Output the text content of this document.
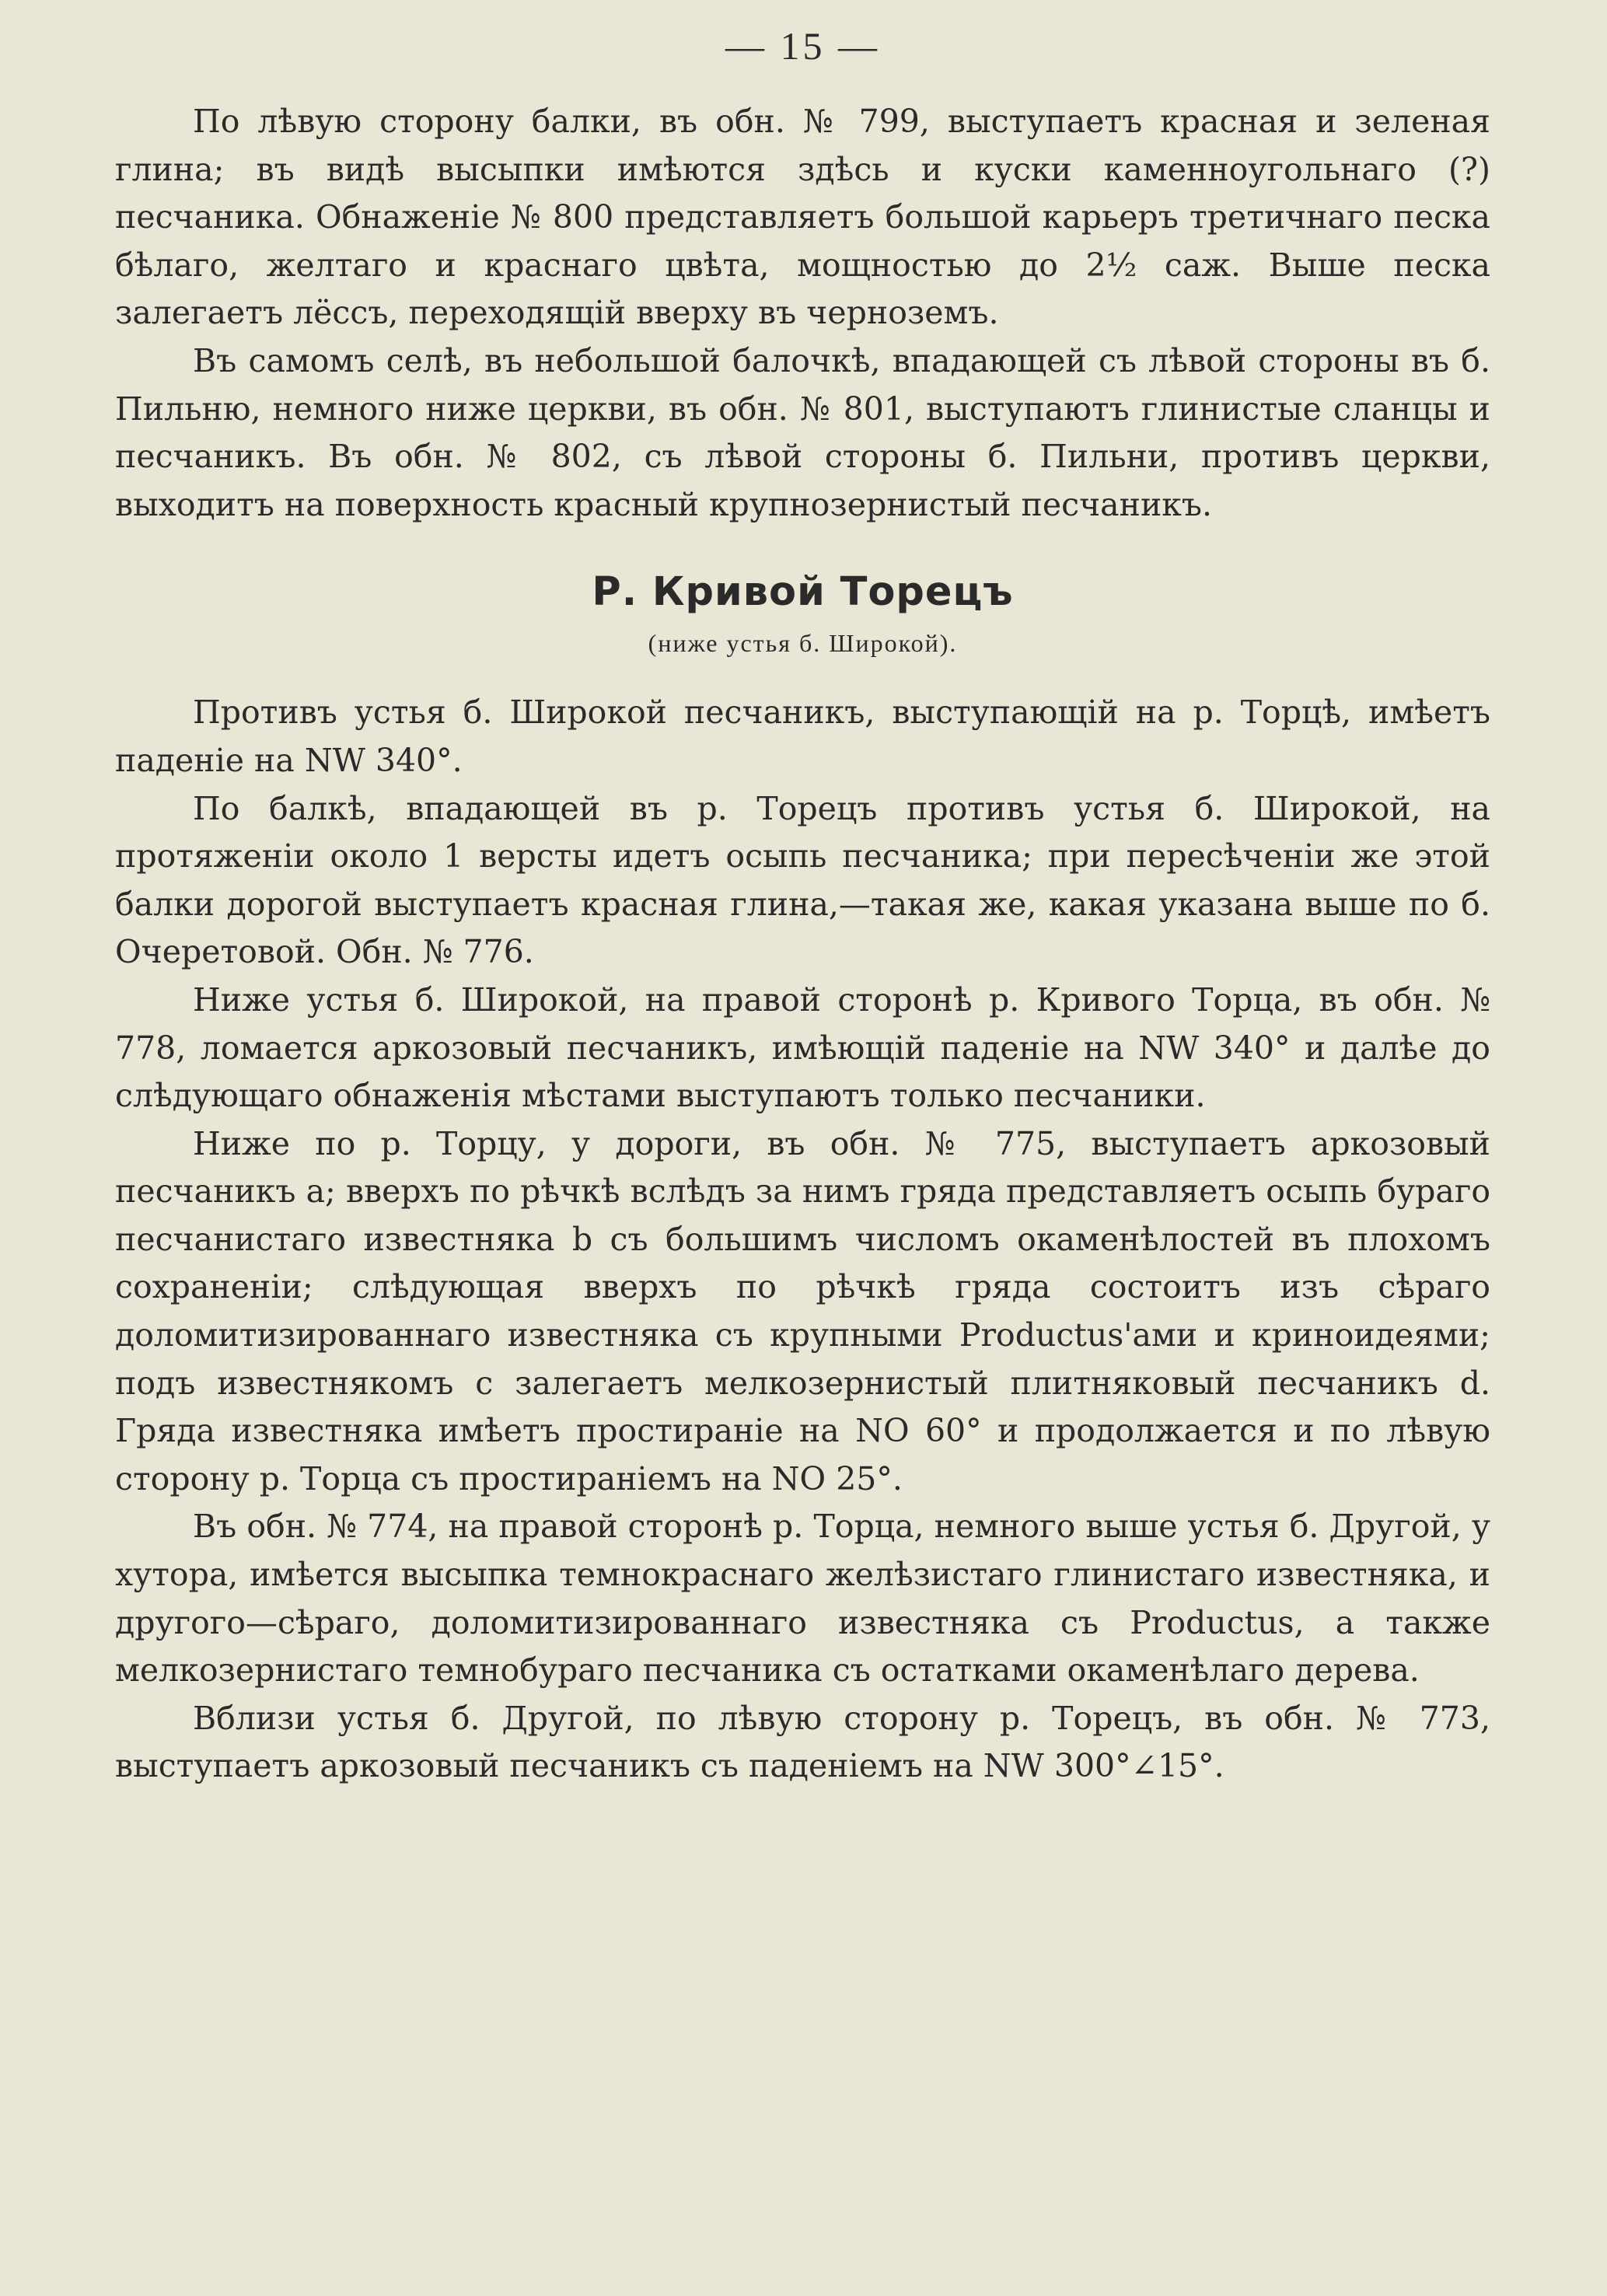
— 15 —

По лѣвую сторону балки, въ обн. № 799, выступаетъ красная и зеленая глина; въ видѣ высыпки имѣются здѣсь и куски каменноугольнаго (?) песчаника. Обнаженіе № 800 представляетъ большой карьеръ третичнаго песка бѣлаго, желтаго и краснаго цвѣта, мощностью до 2½ саж. Выше песка залегаетъ лёссъ, переходящій вверху въ черноземъ.

Въ самомъ селѣ, въ небольшой балочкѣ, впадающей съ лѣвой стороны въ б. Пильню, немного ниже церкви, въ обн. № 801, выступаютъ глинистые сланцы и песчаникъ. Въ обн. № 802, съ лѣвой стороны б. Пильни, противъ церкви, выходитъ на поверхность красный крупнозернистый песчаникъ.

Р. Кривой Торецъ
(ниже устья б. Широкой).

Противъ устья б. Широкой песчаникъ, выступающій на р. Торцѣ, имѣетъ паденіе на NW 340°.

По балкѣ, впадающей въ р. Торецъ противъ устья б. Широкой, на протяженіи около 1 версты идетъ осыпь песчаника; при пересѣченіи же этой балки дорогой выступаетъ красная глина,—такая же, какая указана выше по б. Очеретовой. Обн. № 776.

Ниже устья б. Широкой, на правой сторонѣ р. Кривого Торца, въ обн. № 778, ломается аркозовый песчаникъ, имѣющій паденіе на NW 340° и далѣе до слѣдующаго обнаженія мѣстами выступаютъ только песчаники.

Ниже по р. Торцу, у дороги, въ обн. № 775, выступаетъ аркозовый песчаникъ a; вверхъ по рѣчкѣ вслѣдъ за нимъ гряда представляетъ осыпь бураго песчанистаго известняка b съ большимъ числомъ окаменѣлостей въ плохомъ сохраненіи; слѣдующая вверхъ по рѣчкѣ гряда состоитъ изъ сѣраго доломитизированнаго известняка съ крупными Productus'ами и криноидеями; подъ известнякомъ c залегаетъ мелкозернистый плитняковый песчаникъ d. Гряда известняка имѣетъ простираніе на NO 60° и продолжается и по лѣвую сторону р. Торца съ простираніемъ на NO 25°.

Въ обн. № 774, на правой сторонѣ р. Торца, немного выше устья б. Другой, у хутора, имѣется высыпка темнокраснаго желѣзистаго глинистаго известняка, и другого—сѣраго, доломитизированнаго известняка съ Productus, а также мелкозернистаго темнобураго песчаника съ остатками окаменѣлаго дерева.

Вблизи устья б. Другой, по лѣвую сторону р. Торецъ, въ обн. № 773, выступаетъ аркозовый песчаникъ съ паденіемъ на NW 300°∠15°.
